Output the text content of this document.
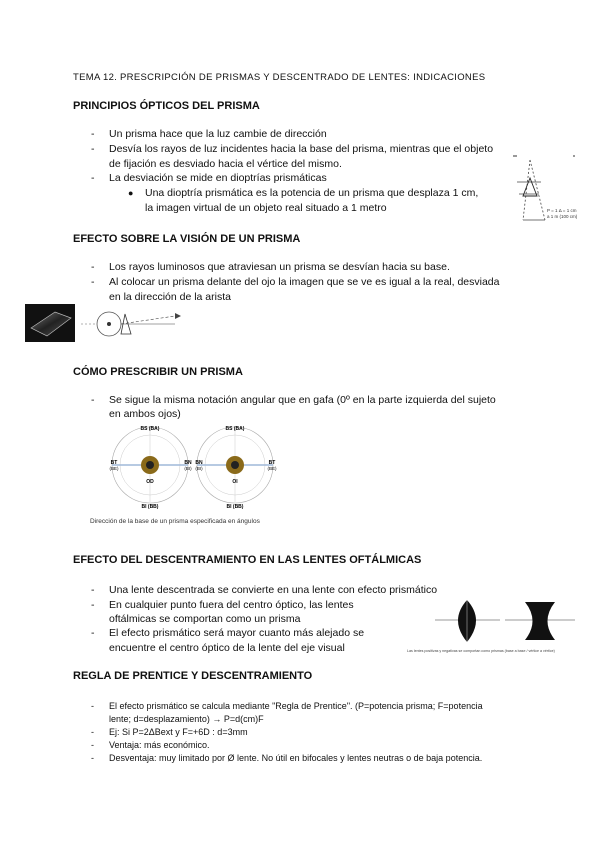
TEMA 12. PRESCRIPCIÓN DE PRISMAS Y DESCENTRADO DE LENTES: INDICACIONES
PRINCIPIOS ÓPTICOS DEL PRISMA
- Un prisma hace que la luz cambie de dirección
- Desvía los rayos de luz incidentes hacia la base del prisma, mientras que el objeto
de fijación es desviado hacia el vértice del mismo.
- La desviación se mide en dioptrías prismáticas
● Una dioptría prismática es la potencia de un prisma que desplaza 1 cm,
la imagen virtual de un objeto real situado a 1 metro	P = 1 Δ = 1 cm
a 1 m (100 cm)
EFECTO SOBRE LA VISIÓN DE UN PRISMA
- Los rayos luminosos que atraviesan un prisma se desvían hacia su base.
- Al colocar un prisma delante del ojo la imagen que se ve es igual a la real, desviada
en la dirección de la arista
CÓMO PRESCRIBIR UN PRISMA
- Se sigue la misma notación angular que en gafa (0º en la parte izquierda del sujeto
en ambos ojos)
BS (BA)
BT
(BE)
BN
(BI)
OD
BI (BB)
BS (BA)
BN
(BI)
BT
(BE)
OI
BI (BB)
Dirección de la base de un prisma especificada en ángulos
EFECTO DEL DESCENTRAMIENTO EN LAS LENTES OFTÁLMICAS
- Una lente descentrada se convierte en una lente con efecto prismático
- En cualquier punto fuera del centro óptico, las lentes
oftálmicas se comportan como un prisma
- El efecto prismático será mayor cuanto más alejado se
encuentre el centro óptico de la lente del eje visual	Las lentes positivas y negativas se comportan como prismas (base a base / vértice a vértice)
REGLA DE PRENTICE Y DESCENTRAMIENTO
- El efecto prismático se calcula mediante "Regla de Prentice". (P=potencia prisma; F=potencia
lente; d=desplazamiento) → P=d(cm)F
- Ej: Si P=2ΔBext y F=+6D : d=3mm
- Ventaja: más económico.
- Desventaja: muy limitado por Ø lente. No útil en bifocales y lentes neutras o de baja potencia.
